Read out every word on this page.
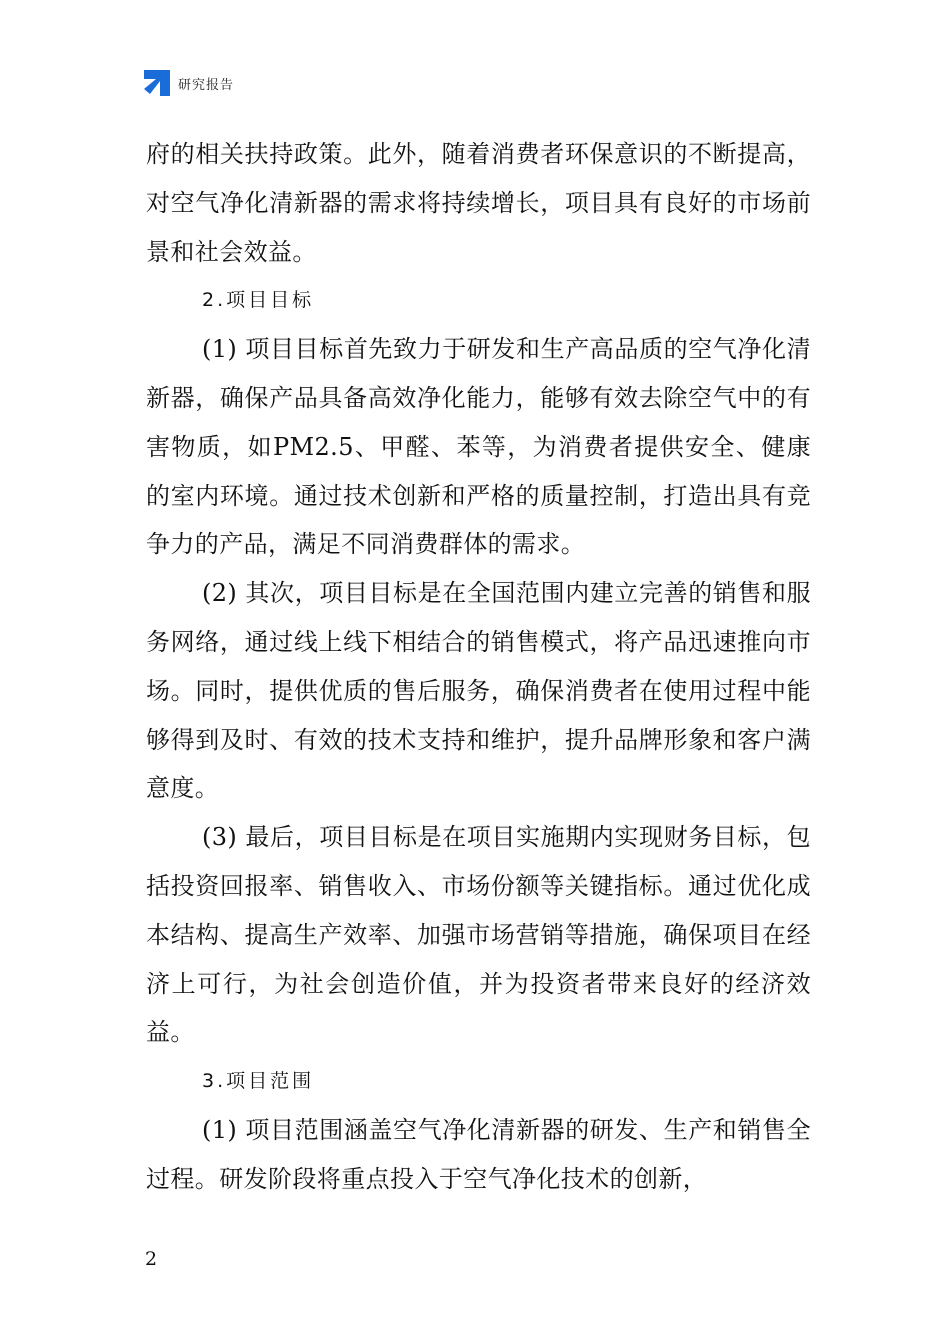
研究报告

府的相关扶持政策。此外，随着消费者环保意识的不断提高，对空气净化清新器的需求将持续增长，项目具有良好的市场前景和社会效益。

2.项目目标

(1) 项目目标首先致力于研发和生产高品质的空气净化清新器，确保产品具备高效净化能力，能够有效去除空气中的有害物质，如PM2.5、甲醛、苯等，为消费者提供安全、健康的室内环境。通过技术创新和严格的质量控制，打造出具有竞争力的产品，满足不同消费群体的需求。

(2) 其次，项目目标是在全国范围内建立完善的销售和服务网络，通过线上线下相结合的销售模式，将产品迅速推向市场。同时，提供优质的售后服务，确保消费者在使用过程中能够得到及时、有效的技术支持和维护，提升品牌形象和客户满意度。

(3) 最后，项目目标是在项目实施期内实现财务目标，包括投资回报率、销售收入、市场份额等关键指标。通过优化成本结构、提高生产效率、加强市场营销等措施，确保项目在经济上可行，为社会创造价值，并为投资者带来良好的经济效益。

3.项目范围

(1) 项目范围涵盖空气净化清新器的研发、生产和销售全过程。研发阶段将重点投入于空气净化技术的创新，

2
